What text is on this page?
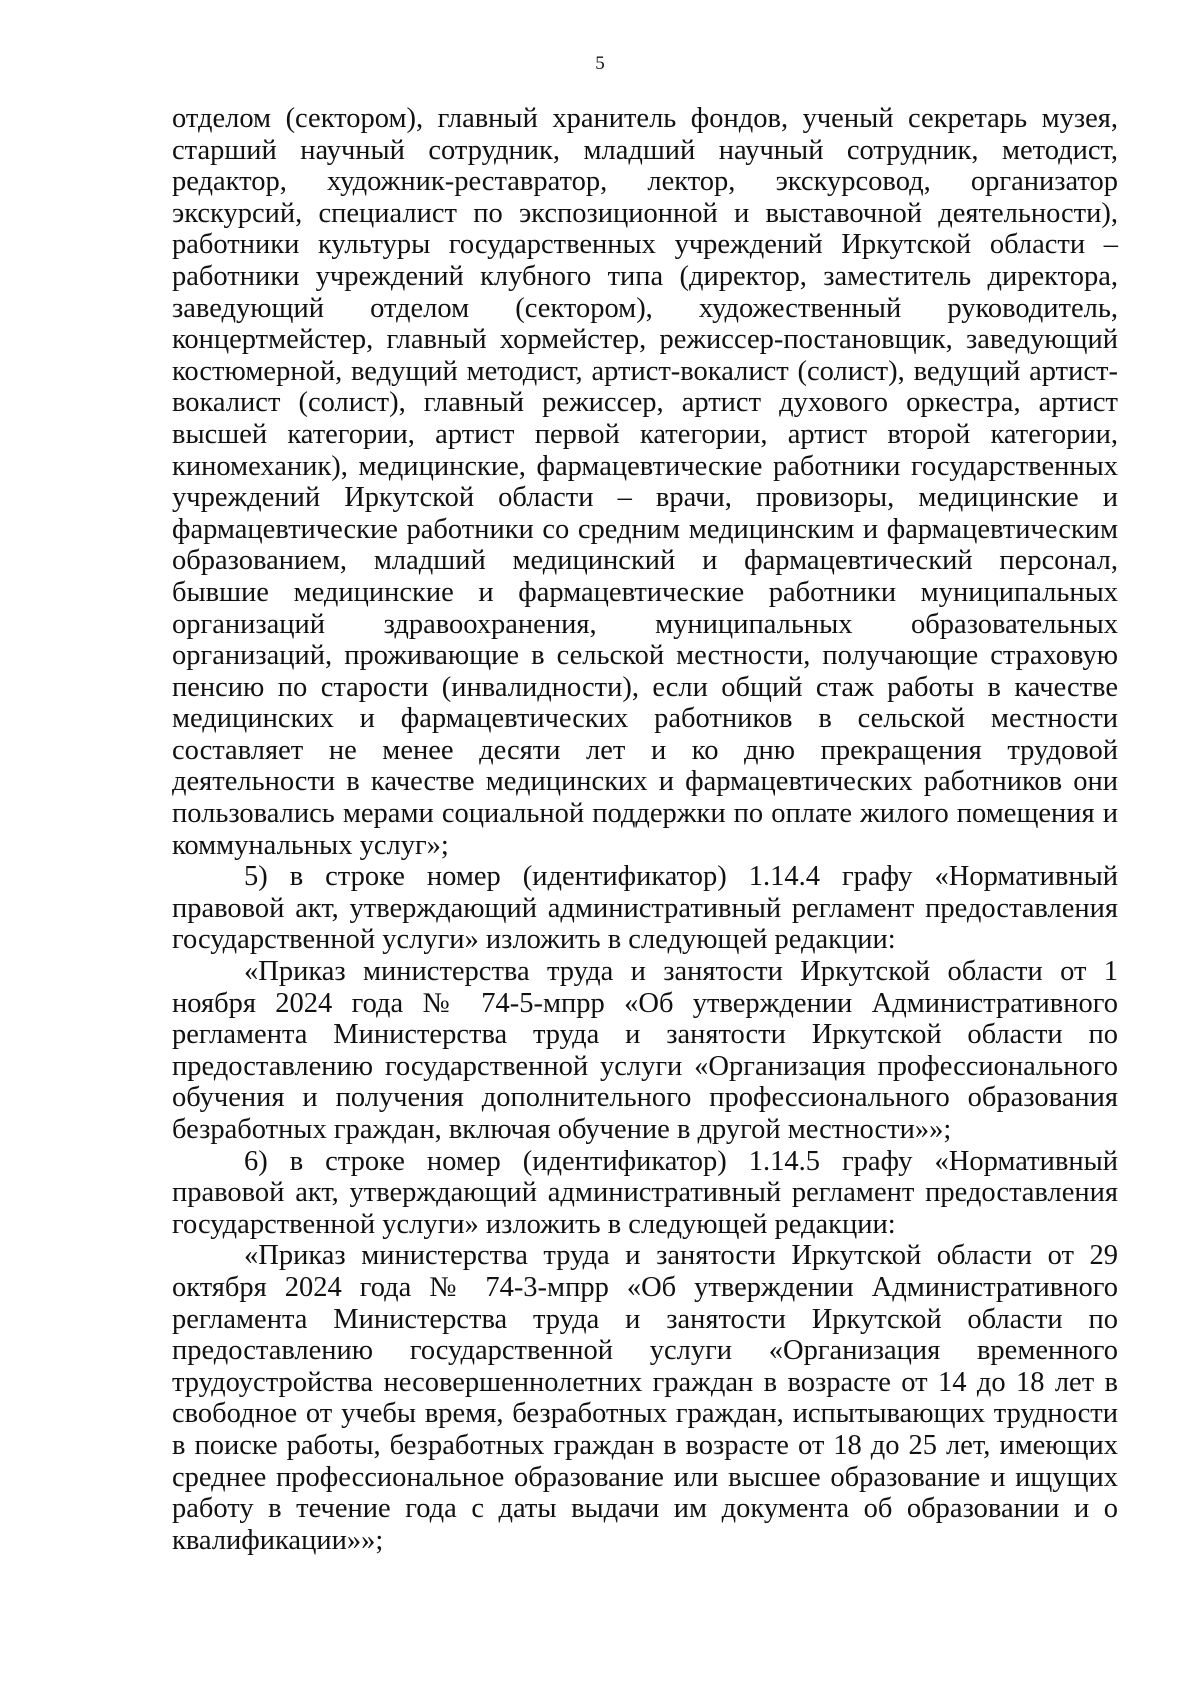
5

отделом (сектором), главный хранитель фондов, ученый секретарь музея, старший научный сотрудник, младший научный сотрудник, методист, редактор, художник-реставратор, лектор, экскурсовод, организатор экскурсий, специалист по экспозиционной и выставочной деятельности), работники культуры государственных учреждений Иркутской области – работники учреждений клубного типа (директор, заместитель директора, заведующий отделом (сектором), художественный руководитель, концертмейстер, главный хормейстер, режиссер-постановщик, заведующий костюмерной, ведущий методист, артист-вокалист (солист), ведущий артист-вокалист (солист), главный режиссер, артист духового оркестра, артист высшей категории, артист первой категории, артист второй категории, киномеханик), медицинские, фармацевтические работники государственных учреждений Иркутской области – врачи, провизоры, медицинские и фармацевтические работники со средним медицинским и фармацевтическим образованием, младший медицинский и фармацевтический персонал, бывшие медицинские и фармацевтические работники муниципальных организаций здравоохранения, муниципальных образовательных организаций, проживающие в сельской местности, получающие страховую пенсию по старости (инвалидности), если общий стаж работы в качестве медицинских и фармацевтических работников в сельской местности составляет не менее десяти лет и ко дню прекращения трудовой деятельности в качестве медицинских и фармацевтических работников они пользовались мерами социальной поддержки по оплате жилого помещения и коммунальных услуг»;

5) в строке номер (идентификатор) 1.14.4 графу «Нормативный правовой акт, утверждающий административный регламент предоставления государственной услуги» изложить в следующей редакции:

«Приказ министерства труда и занятости Иркутской области от 1 ноября 2024 года № 74-5-мпрр «Об утверждении Административного регламента Министерства труда и занятости Иркутской области по предоставлению государственной услуги «Организация профессионального обучения и получения дополнительного профессионального образования безработных граждан, включая обучение в другой местности»»;

6) в строке номер (идентификатор) 1.14.5 графу «Нормативный правовой акт, утверждающий административный регламент предоставления государственной услуги» изложить в следующей редакции:

«Приказ министерства труда и занятости Иркутской области от 29 октября 2024 года № 74-3-мпрр «Об утверждении Административного регламента Министерства труда и занятости Иркутской области по предоставлению государственной услуги «Организация временного трудоустройства несовершеннолетних граждан в возрасте от 14 до 18 лет в свободное от учебы время, безработных граждан, испытывающих трудности в поиске работы, безработных граждан в возрасте от 18 до 25 лет, имеющих среднее профессиональное образование или высшее образование и ищущих работу в течение года с даты выдачи им документа об образовании и о квалификации»»;
